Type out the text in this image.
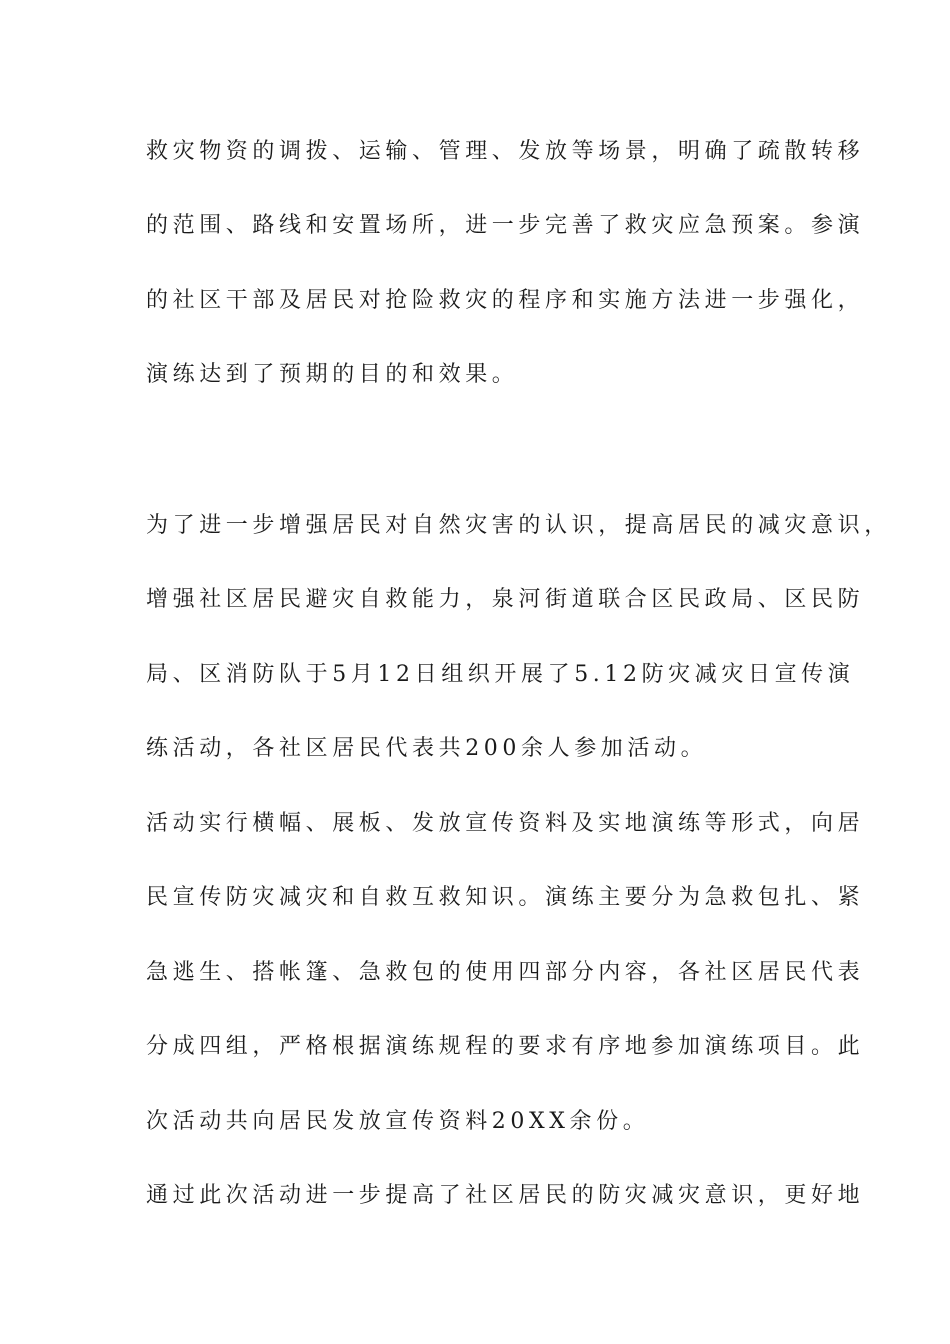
救灾物资的调拨、运输、管理、发放等场景，明确了疏散转移
的范围、路线和安置场所，进一步完善了救灾应急预案。参演
的社区干部及居民对抢险救灾的程序和实施方法进一步强化，
演练达到了预期的目的和效果。
为了进一步增强居民对自然灾害的认识，提高居民的减灾意识，
增强社区居民避灾自救能力，泉河街道联合区民政局、区民防
局、区消防队于5月12日组织开展了5.12防灾减灾日宣传演
练活动，各社区居民代表共200余人参加活动。
活动实行横幅、展板、发放宣传资料及实地演练等形式，向居
民宣传防灾减灾和自救互救知识。演练主要分为急救包扎、紧
急逃生、搭帐篷、急救包的使用四部分内容，各社区居民代表
分成四组，严格根据演练规程的要求有序地参加演练项目。此
次活动共向居民发放宣传资料20XX余份。
通过此次活动进一步提高了社区居民的防灾减灾意识，更好地
